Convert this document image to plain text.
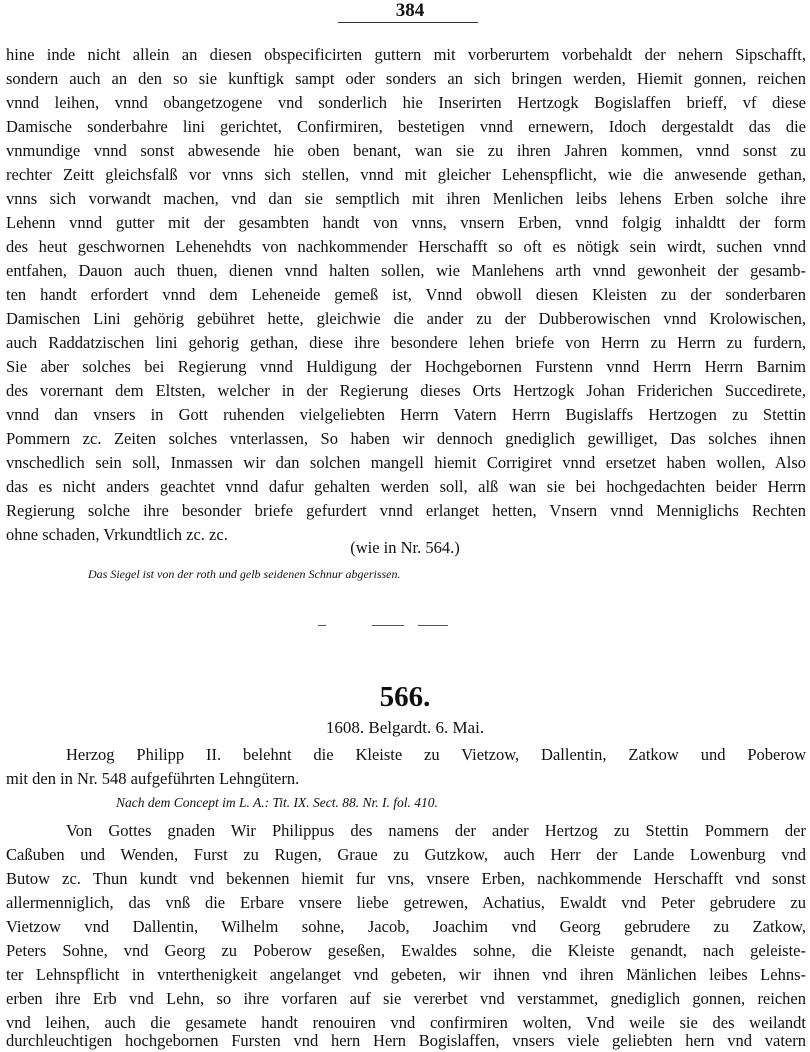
384
hine inde nicht allein an diesen obspecificirten guttern mit vorberurtem vorbehaldt der nehern Sipschafft,
sondern auch an den so sie kunftigk sampt oder sonders an sich bringen werden, Hiemit gonnen, reichen
vnnd leihen, vnnd obangetzogene vnd sonderlich hie Inserirten Hertzogk Bogislaffen brieff, vf diese
Damische sonderbahre lini gerichtet, Confirmiren, bestetigen vnnd ernewern, Idoch dergestaldt das die
vnmundige vnnd sonst abwesende hie oben benant, wan sie zu ihren Jahren kommen, vnnd sonst zu
rechter Zeitt gleichsfalß vor vnns sich stellen, vnnd mit gleicher Lehenspflicht, wie die anwesende gethan,
vnns sich vorwandt machen, vnd dan sie semptlich mit ihren Menlichen leibs lehens Erben solche ihre
Lehenn vnnd gutter mit der gesambten handt von vnns, vnsern Erben, vnnd folgig inhaldtt der form
des heut geschwornen Lehenehdts von nachkommender Herschafft so oft es nötigk sein wirdt, suchen vnnd
entfahen, Dauon auch thuen, dienen vnnd halten sollen, wie Manlehens arth vnnd gewonheit der gesamb-
ten handt erfordert vnnd dem Leheneide gemeß ist, Vnnd obwoll diesen Kleisten zu der sonderbaren
Damischen Lini gehörig gebühret hette, gleichwie die ander zu der Dubberowischen vnnd Krolowischen,
auch Raddatzischen lini gehorig gethan, diese ihre besondere lehen briefe von Herrn zu Herrn zu furdern,
Sie aber solches bei Regierung vnnd Huldigung der Hochgebornen Furstenn vnnd Herrn Herrn Barnim
des vorernant dem Eltsten, welcher in der Regierung dieses Orts Hertzogk Johan Friderichen Succedirete,
vnnd dan vnsers in Gott ruhenden vielgeliebten Herrn Vatern Herrn Bugislaffs Hertzogen zu Stettin
Pommern zc. Zeiten solches vnterlassen, So haben wir dennoch gnediglich gewilliget, Das solches ihnen
vnschedlich sein soll, Inmassen wir dan solchen mangell hiemit Corrigiret vnnd ersetzet haben wollen, Also
das es nicht anders geachtet vnnd dafur gehalten werden soll, alß wan sie bei hochgedachten beider Herrn
Regierung solche ihre besonder briefe gefurdert vnnd erlanget hetten, Vnsern vnnd Menniglichs Rechten
ohne schaden, Vrkundtlich zc. zc.
(wie in Nr. 564.)
Das Siegel ist von der roth und gelb seidenen Schnur abgerissen.
566.
1608. Belgardt. 6. Mai.
Herzog Philipp II. belehnt die Kleiste zu Vietzow, Dallentin, Zatkow und Poberow
mit den in Nr. 548 aufgeführten Lehngütern.
Nach dem Concept im L. A.: Tit. IX. Sect. 88. Nr. I. fol. 410.
Von Gottes gnaden Wir Philippus des namens der ander Hertzog zu Stettin Pommern der
Caßuben und Wenden, Furst zu Rugen, Graue zu Gutzkow, auch Herr der Lande Lowenburg vnd
Butow zc. Thun kundt vnd bekennen hiemit fur vns, vnsere Erben, nachkommende Herschafft vnd sonst
allermenniglich, das vnß die Erbare vnsere liebe getrewen, Achatius, Ewaldt vnd Peter gebrudere zu
Vietzow vnd Dallentin, Wilhelm sohne, Jacob, Joachim vnd Georg gebrudere zu Zatkow,
Peters Sohne, vnd Georg zu Poberow geseßen, Ewaldes sohne, die Kleiste genandt, nach geleiste-
ter Lehnspflicht in vnterthenigkeit angelanget vnd gebeten, wir ihnen vnd ihren Mänlichen leibes Lehns-
erben ihre Erb vnd Lehn, so ihre vorfaren auf sie vererbet vnd verstammet, gnediglich gonnen, reichen
vnd leihen, auch die gesamete handt renouiren vnd confirmiren wolten, Vnd weile sie des weilandt
durchleuchtigen hochgebornen Fursten vnd hern Hern Bogislaffen, vnsers viele geliebten hern vnd vatern
